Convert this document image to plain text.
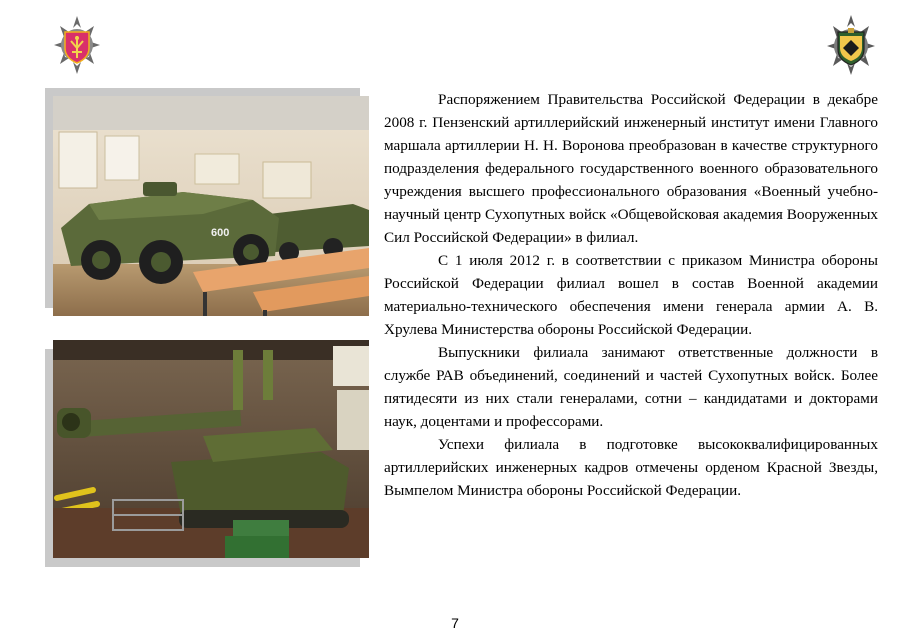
600

Распоряжением Правительства Российской Федерации в декабре 2008 г. Пензенский артиллерийский инженерный институт имени Главного маршала артиллерии Н. Н. Воронова преобразован в качестве структурного подразделения федерального государственного военного образовательного учреждения высшего профессионального образования «Военный учебно-научный центр Сухопутных войск «Общевойсковая академия Вооруженных Сил Российской Федерации» в филиал.

С 1 июля 2012 г. в соответствии с приказом Министра обороны Российской Федерации филиал вошел в состав Военной академии материально-технического обеспечения имени генерала армии А. В. Хрулева Министерства обороны Российской Федерации.

Выпускники филиала занимают ответственные должности в службе РАВ объединений, соединений и частей Сухопутных войск. Более пятидесяти из них стали генералами, сотни – кандидатами и докторами наук, доцентами и профессорами.

Успехи филиала в подготовке высококвалифицированных артиллерийских инженерных кадров отмечены орденом Красной Звезды, Вымпелом Министра обороны Российской Федерации.

7
